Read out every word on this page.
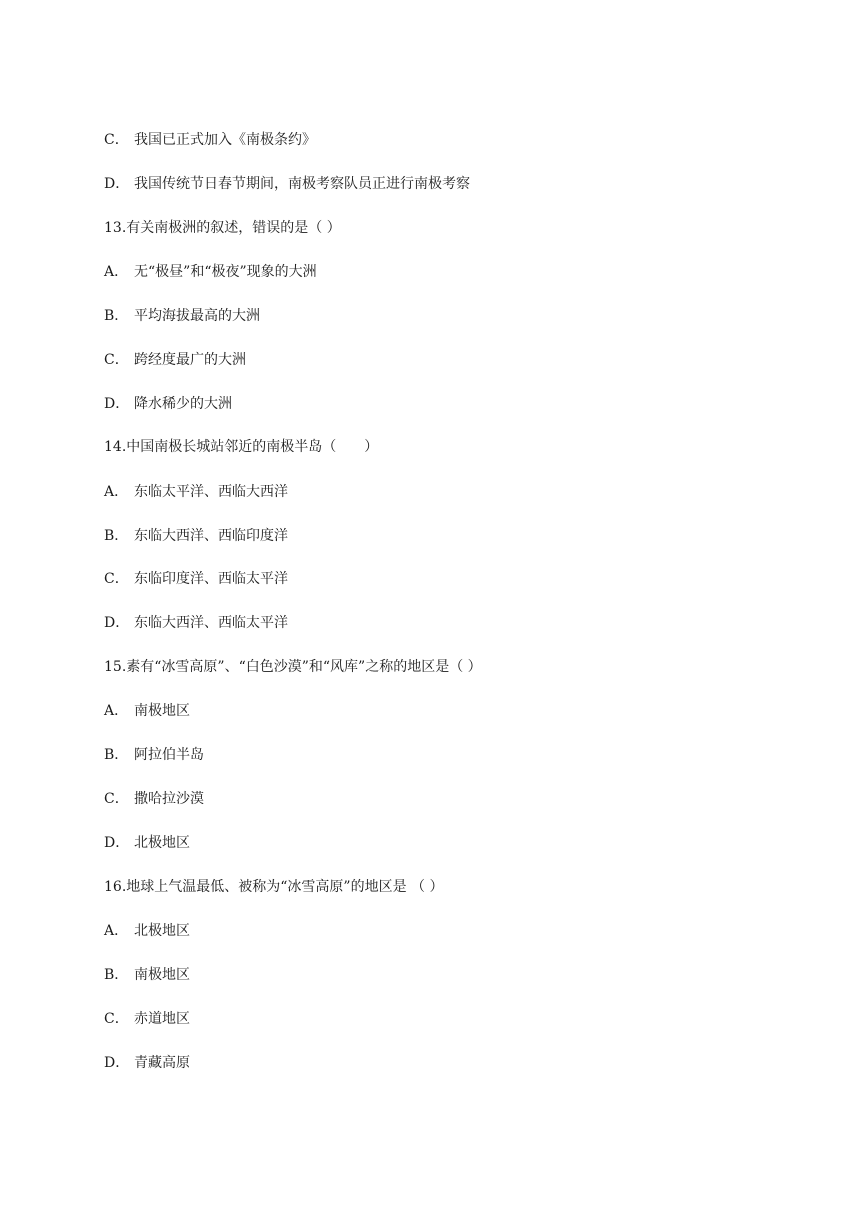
C． 我国已正式加入《南极条约》
D． 我国传统节日春节期间，南极考察队员正进行南极考察
13.有关南极洲的叙述，错误的是（ ）
A． 无“极昼”和“极夜”现象的大洲
B． 平均海拔最高的大洲
C． 跨经度最广的大洲
D． 降水稀少的大洲
14.中国南极长城站邻近的南极半岛（　　）
A． 东临太平洋、西临大西洋
B． 东临大西洋、西临印度洋
C． 东临印度洋、西临太平洋
D． 东临大西洋、西临太平洋
15.素有“冰雪高原”、“白色沙漠”和“风库”之称的地区是（ ）
A． 南极地区
B． 阿拉伯半岛
C． 撒哈拉沙漠
D． 北极地区
16.地球上气温最低、被称为“冰雪高原”的地区是 （ ）
A． 北极地区
B． 南极地区
C． 赤道地区
D． 青藏高原
